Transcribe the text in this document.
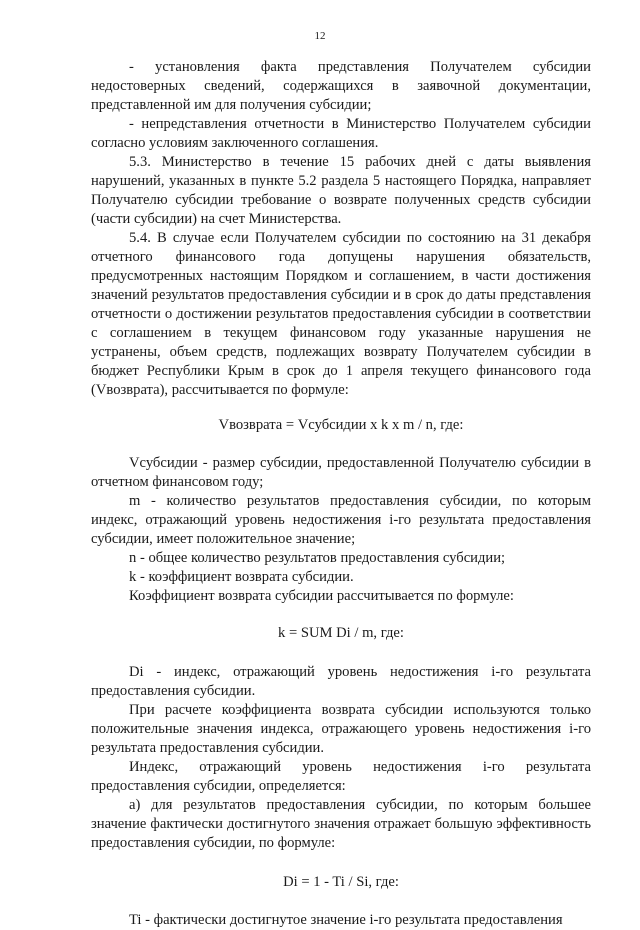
12

- установления факта представления Получателем субсидии недостоверных сведений, содержащихся в заявочной документации, представленной им для получения субсидии;

- непредставления отчетности в Министерство Получателем субсидии согласно условиям заключенного соглашения.

5.3. Министерство в течение 15 рабочих дней с даты выявления нарушений, указанных в пункте 5.2 раздела 5 настоящего Порядка, направляет Получателю субсидии требование о возврате полученных средств субсидии (части субсидии) на счет Министерства.

5.4. В случае если Получателем субсидии по состоянию на 31 декабря отчетного финансового года допущены нарушения обязательств, предусмотренных настоящим Порядком и соглашением, в части достижения значений результатов предоставления субсидии и в срок до даты представления отчетности о достижении результатов предоставления субсидии в соответствии с соглашением в текущем финансовом году указанные нарушения не устранены, объем средств, подлежащих возврату Получателем субсидии в бюджет Республики Крым в срок до 1 апреля текущего финансового года (Vвозврата), рассчитывается по формуле:

Vвозврата = Vсубсидии x k x m / n, где:

Vсубсидии - размер субсидии, предоставленной Получателю субсидии в отчетном финансовом году;

m - количество результатов предоставления субсидии, по которым индекс, отражающий уровень недостижения i-го результата предоставления субсидии, имеет положительное значение;

n - общее количество результатов предоставления субсидии;

k - коэффициент возврата субсидии.

Коэффициент возврата субсидии рассчитывается по формуле:

k = SUM Di / m, где:

Di - индекс, отражающий уровень недостижения i-го результата предоставления субсидии.

При расчете коэффициента возврата субсидии используются только положительные значения индекса, отражающего уровень недостижения i-го результата предоставления субсидии.

Индекс, отражающий уровень недостижения i-го результата предоставления субсидии, определяется:

а) для результатов предоставления субсидии, по которым большее значение фактически достигнутого значения отражает большую эффективность предоставления субсидии, по формуле:

Di = 1 - Ti / Si, где:

Ti - фактически достигнутое значение i-го результата предоставления
